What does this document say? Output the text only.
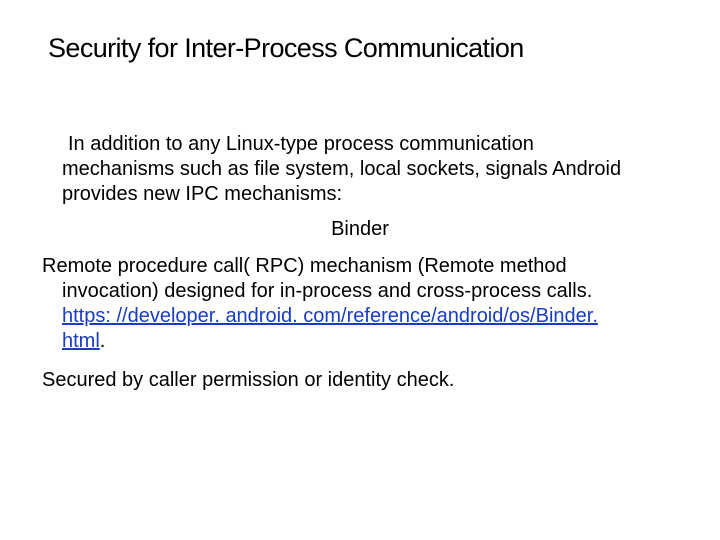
Security for Inter-Process Communication
In addition to any Linux-type process communication
mechanisms such as file system, local sockets, signals Android
provides new IPC mechanisms:
Binder
Remote procedure call( RPC) mechanism (Remote method
invocation) designed for in-process and cross-process calls.
https: //developer. android. com/reference/android/os/Binder.
html.
Secured by caller permission or identity check.
